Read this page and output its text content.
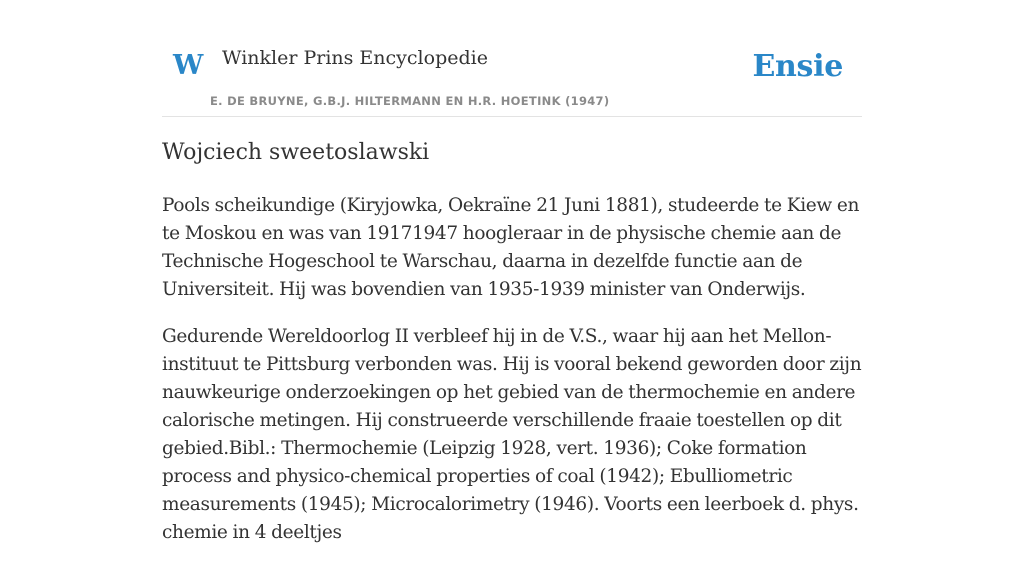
W Winkler Prins Encyclopedie
E. DE BRUYNE, G.B.J. HILTERMANN EN H.R. HOETINK (1947)
Ensie
Wojciech sweetoslawski

Pools scheikundige (Kiryjowka, Oekraïne 21 Juni 1881), studeerde te Kiew en te Moskou en was van 19171947 hoogleraar in de physische chemie aan de Technische Hogeschool te Warschau, daarna in dezelfde functie aan de Universiteit. Hij was bovendien van 1935-1939 minister van Onderwijs.

Gedurende Wereldoorlog II verbleef hij in de V.S., waar hij aan het Mellon-instituut te Pittsburg verbonden was. Hij is vooral bekend geworden door zijn nauwkeurige onderzoekingen op het gebied van de thermochemie en andere calorische metingen. Hij construeerde verschillende fraaie toestellen op dit gebied.Bibl.: Thermochemie (Leipzig 1928, vert. 1936); Coke formation process and physico-chemical properties of coal (1942); Ebulliometric measurements (1945); Microcalorimetry (1946). Voorts een leerboek d. phys. chemie in 4 deeltjes
